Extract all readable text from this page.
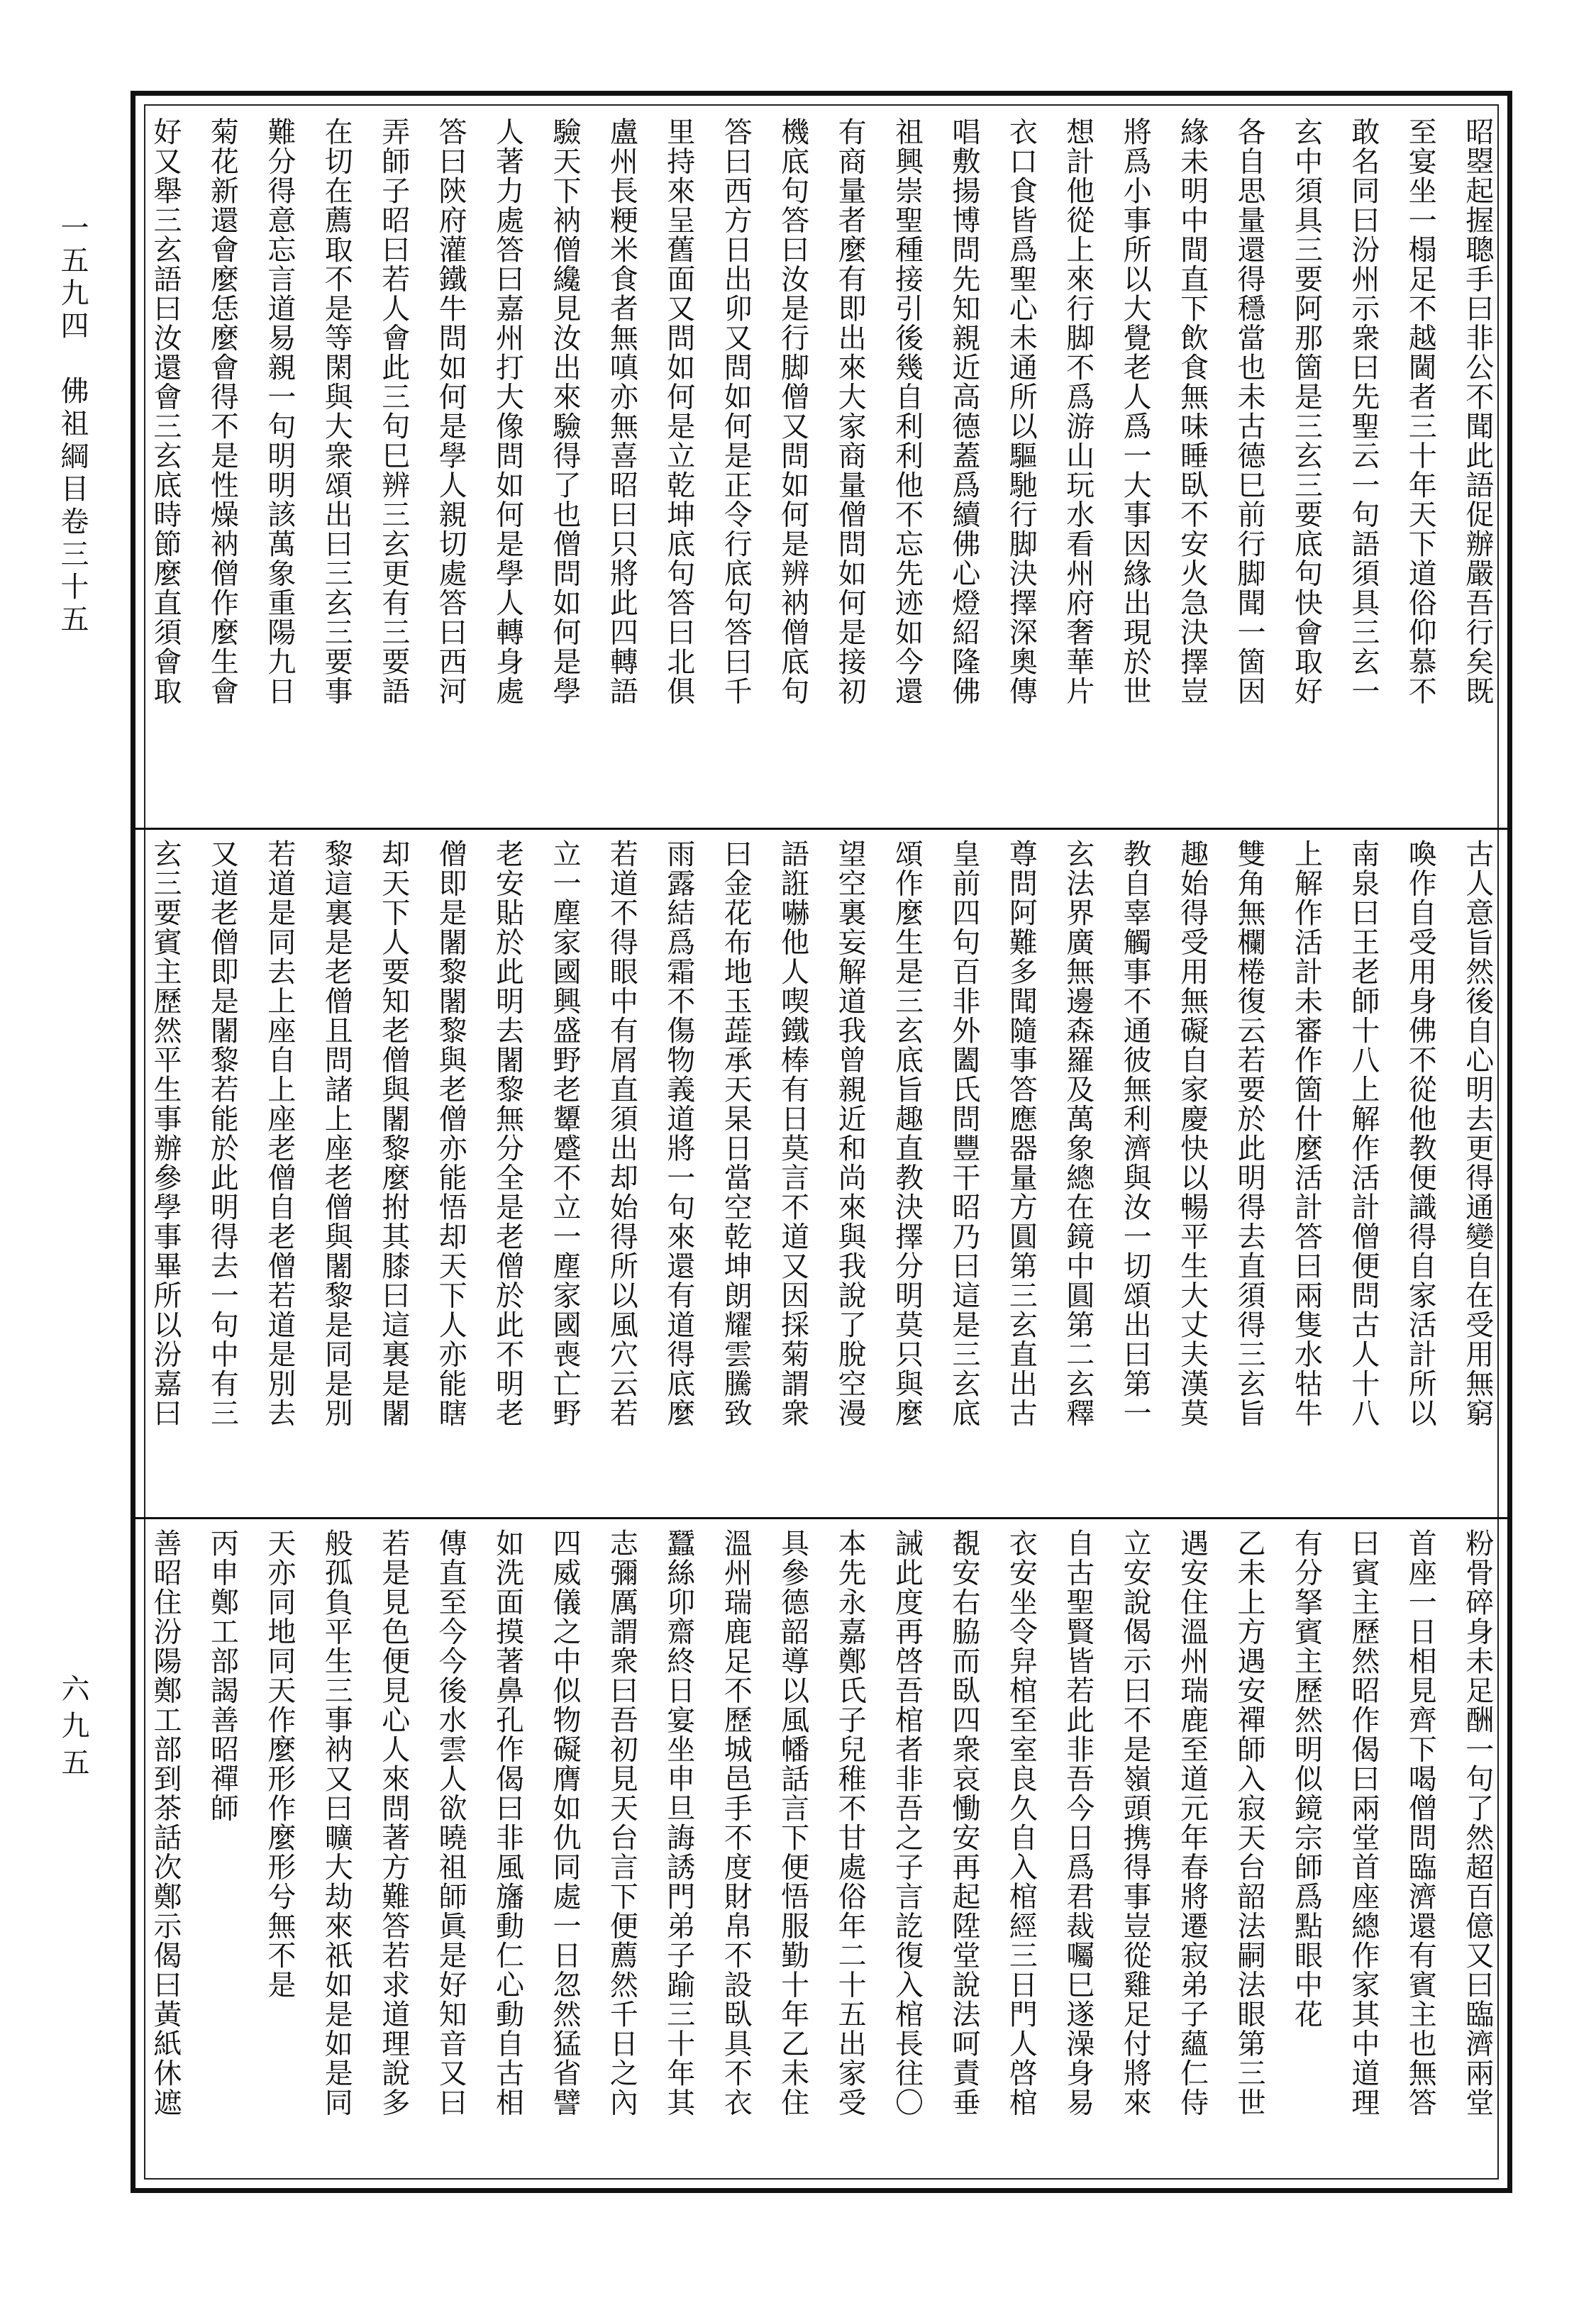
一五九四　佛祖綱目卷三十五
六九五
昭曌起握聰手曰非公不聞此語促辦嚴吾行矣既
至宴坐一榻足不越閫者三十年天下道俗仰慕不
敢名同曰汾州示衆曰先聖云一句語須具三玄一
玄中須具三要阿那箇是三玄三要底句快會取好
各自思量還得穩當也未古德巳前行脚聞一箇因
緣未明中間直下飲食無味睡臥不安火急決擇豈
將爲小事所以大覺老人爲一大事因緣出現於世
想計他從上來行脚不爲游山玩水看州府奢華片
衣口食皆爲聖心未通所以驅馳行脚決擇深奧傳
唱敷揚博問先知親近高德蓋爲續佛心燈紹隆佛
祖興崇聖種接引後幾自利利他不忘先迹如今還
有商量者麼有即出來大家商量僧問如何是接初
機底句答曰汝是行脚僧又問如何是辨衲僧底句
答曰西方日出卯又問如何是正令行底句答曰千
里持來呈舊面又問如何是立乾坤底句答曰北俱
盧州長粳米食者無嗔亦無喜昭曰只將此四轉語
驗天下衲僧纔見汝出來驗得了也僧問如何是學
人著力處答曰嘉州打大像問如何是學人轉身處
答曰陝府灌鐵牛問如何是學人親切處答曰西河
弄師子昭曰若人會此三句巳辨三玄更有三要語
在切在薦取不是等閑與大衆頌出曰三玄三要事
難分得意忘言道易親一句明明該萬象重陽九日
菊花新還會麼恁麼會得不是性燥衲僧作麼生會
好又舉三玄語曰汝還會三玄底時節麼直須會取
古人意旨然後自心明去更得通變自在受用無窮
喚作自受用身佛不從他教便識得自家活計所以
南泉曰王老師十八上解作活計僧便問古人十八
上解作活計未審作箇什麼活計答曰兩隻水牯牛
雙角無欄棬復云若要於此明得去直須得三玄旨
趣始得受用無礙自家慶快以暢平生大丈夫漢莫
教自辜觸事不通彼無利濟與汝一切頌出曰第一
玄法界廣無邊森羅及萬象總在鏡中圓第二玄釋
尊問阿難多聞隨事答應器量方圓第三玄直出古
皇前四句百非外闔氏問豐干昭乃曰這是三玄底
頌作麼生是三玄底旨趣直教決擇分明莫只與麼
望空裏妄解道我曾親近和尚來與我說了脫空漫
語誑嚇他人喫鐵棒有日莫言不道又因採菊謂衆
曰金花布地玉蕋承天杲日當空乾坤朗耀雲騰致
雨露結爲霜不傷物義道將一句來還有道得底麼
若道不得眼中有屑直須出却始得所以風穴云若
立一塵家國興盛野老顰蹙不立一塵家國喪亡野
老安貼於此明去闍黎無分全是老僧於此不明老
僧即是闍黎闍黎與老僧亦能悟却天下人亦能瞎
却天下人要知老僧與闍黎麼拊其膝曰這裏是闍
黎這裏是老僧且問諸上座老僧與闍黎是同是別
若道是同去上座自上座老僧自老僧若道是別去
又道老僧即是闍黎若能於此明得去一句中有三
玄三要賓主歷然平生事辦參學事畢所以汾嘉曰
粉骨碎身未足酬一句了然超百億又曰臨濟兩堂
首座一日相見齊下喝僧問臨濟還有賓主也無答
曰賓主歷然昭作偈曰兩堂首座總作家其中道理
有分拏賓主歷然明似鏡宗師爲點眼中花
乙未上方遇安禪師入寂天台韶法嗣法眼第三世
遇安住溫州瑞鹿至道元年春將遷寂弟子蘊仁侍
立安說偈示曰不是嶺頭携得事豈從雞足付將來
自古聖賢皆若此非吾今日爲君裁囑巳遂澡身易
衣安坐令舁棺至室良久自入棺經三日門人啓棺
覩安右脇而臥四衆哀慟安再起陞堂說法呵責垂
誡此度再啓吾棺者非吾之子言訖復入棺長往〇
本先永嘉鄭氏子兒稚不甘處俗年二十五出家受
具參德韶導以風幡話言下便悟服勤十年乙未住
溫州瑞鹿足不歷城邑手不度財帛不設臥具不衣
蠶絲卯齋終日宴坐申旦誨誘門弟子踰三十年其
志彌厲謂衆曰吾初見天台言下便薦然千日之內
四威儀之中似物礙膺如仇同處一日忽然猛省譬
如洗面摸著鼻孔作偈曰非風旛動仁心動自古相
傳直至今今後水雲人欲曉祖師眞是好知音又曰
若是見色便見心人來問著方難答若求道理說多
般孤負平生三事衲又曰曠大劫來祇如是如是同
天亦同地同天作麼形作麼形兮無不是
丙申鄭工部謁善昭禪師
善昭住汾陽鄭工部到茶話次鄭示偈曰黃紙休遮
